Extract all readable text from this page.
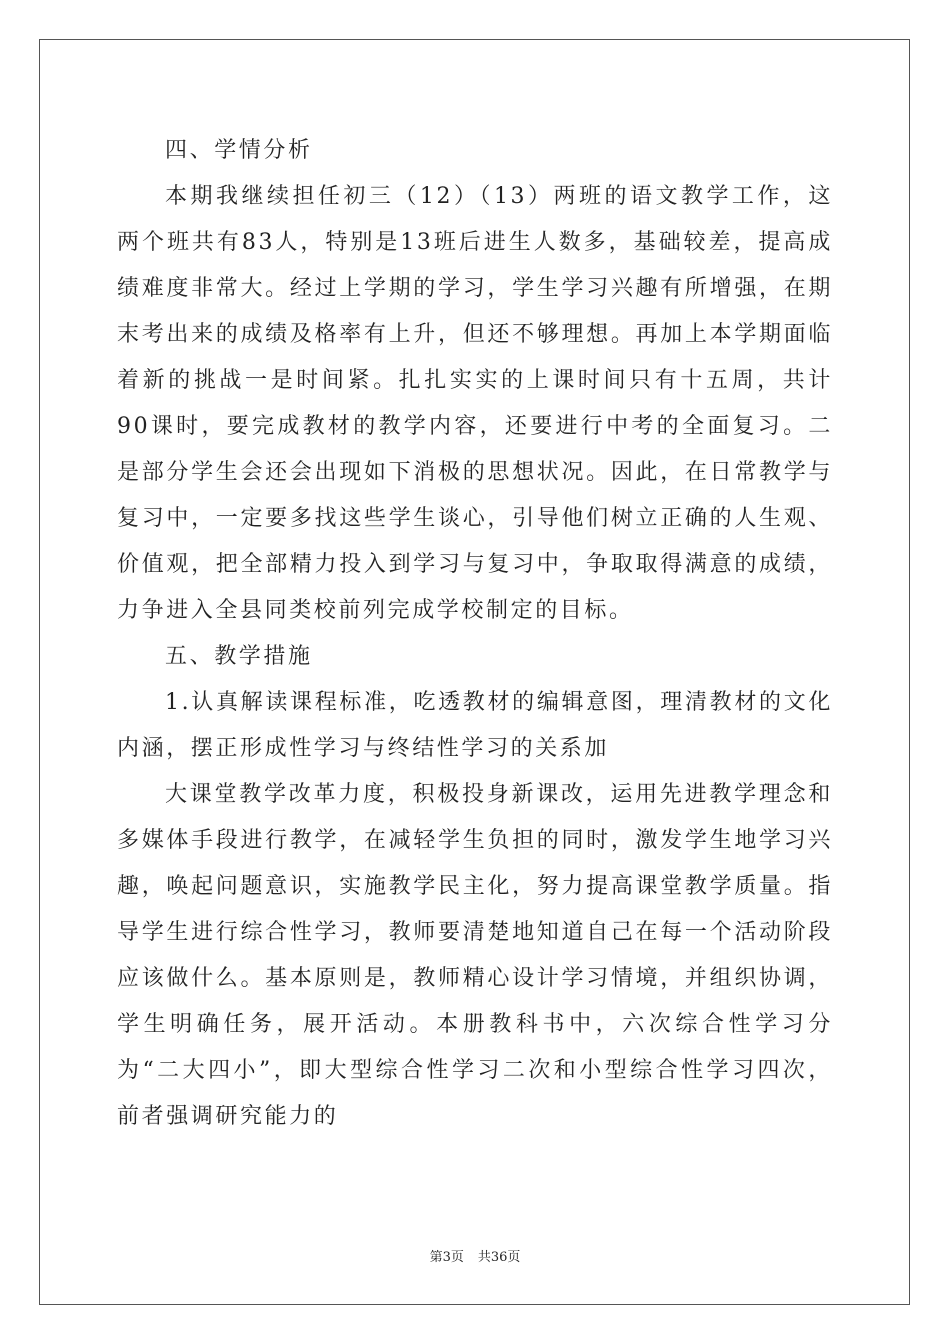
四、学情分析

本期我继续担任初三（12）（13）两班的语文教学工作，这两个班共有83人，特别是13班后进生人数多，基础较差，提高成绩难度非常大。经过上学期的学习，学生学习兴趣有所增强，在期末考出来的成绩及格率有上升，但还不够理想。再加上本学期面临着新的挑战一是时间紧。扎扎实实的上课时间只有十五周，共计90课时，要完成教材的教学内容，还要进行中考的全面复习。二是部分学生会还会出现如下消极的思想状况。因此，在日常教学与复习中，一定要多找这些学生谈心，引导他们树立正确的人生观、价值观，把全部精力投入到学习与复习中，争取取得满意的成绩，力争进入全县同类校前列完成学校制定的目标。

五、教学措施

1.认真解读课程标准，吃透教材的编辑意图，理清教材的文化内涵，摆正形成性学习与终结性学习的关系加

大课堂教学改革力度，积极投身新课改，运用先进教学理念和多媒体手段进行教学，在减轻学生负担的同时，激发学生地学习兴趣，唤起问题意识，实施教学民主化，努力提高课堂教学质量。指导学生进行综合性学习，教师要清楚地知道自己在每一个活动阶段应该做什么。基本原则是，教师精心设计学习情境，并组织协调，学生明确任务，展开活动。本册教科书中，六次综合性学习分为“二大四小”，即大型综合性学习二次和小型综合性学习四次，前者强调研究能力的

第3页 共36页
